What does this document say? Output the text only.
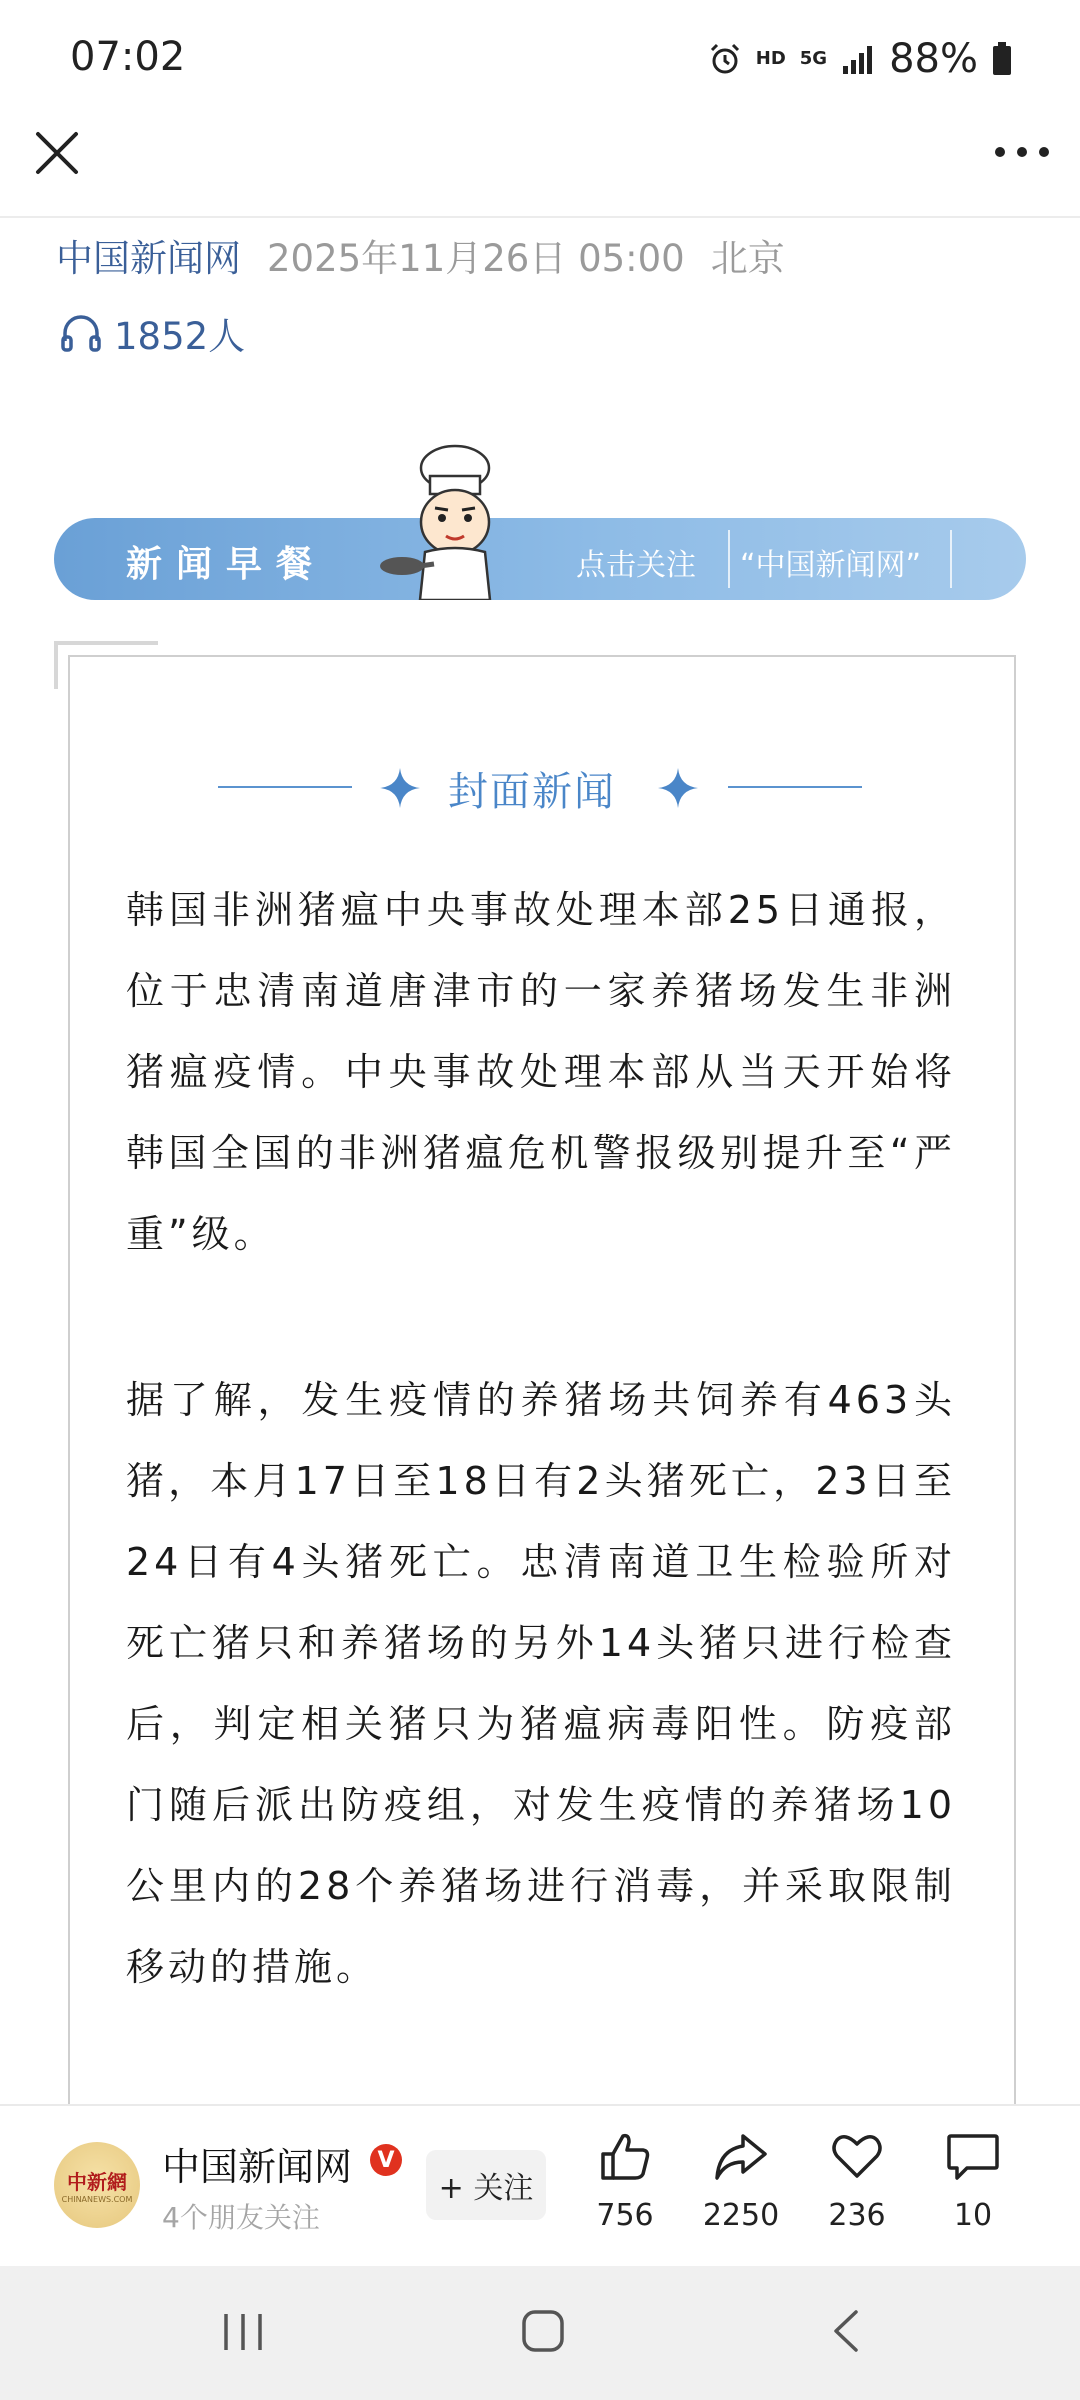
07:02	HD 5G 88%
中国新闻网 2025年11月26日 05:00 北京
1852人
新闻早餐	点击关注 “中国新闻网”
封面新闻
韩国非洲猪瘟中央事故处理本部25日通报，位于忠清南道唐津市的一家养猪场发生非洲猪瘟疫情。中央事故处理本部从当天开始将韩国全国的非洲猪瘟危机警报级别提升至“严重”级。
据了解，发生疫情的养猪场共饲养有463头猪，本月17日至18日有2头猪死亡，23日至24日有4头猪死亡。忠清南道卫生检验所对死亡猪只和养猪场的另外14头猪只进行检查后，判定相关猪只为猪瘟病毒阳性。防疫部门随后派出防疫组，对发生疫情的养猪场10公里内的28个养猪场进行消毒，并采取限制移动的措施。
中新網
CHINANEWS.COM
中国新闻网	V
4个朋友关注
+ 关注
756	2250	236	10
